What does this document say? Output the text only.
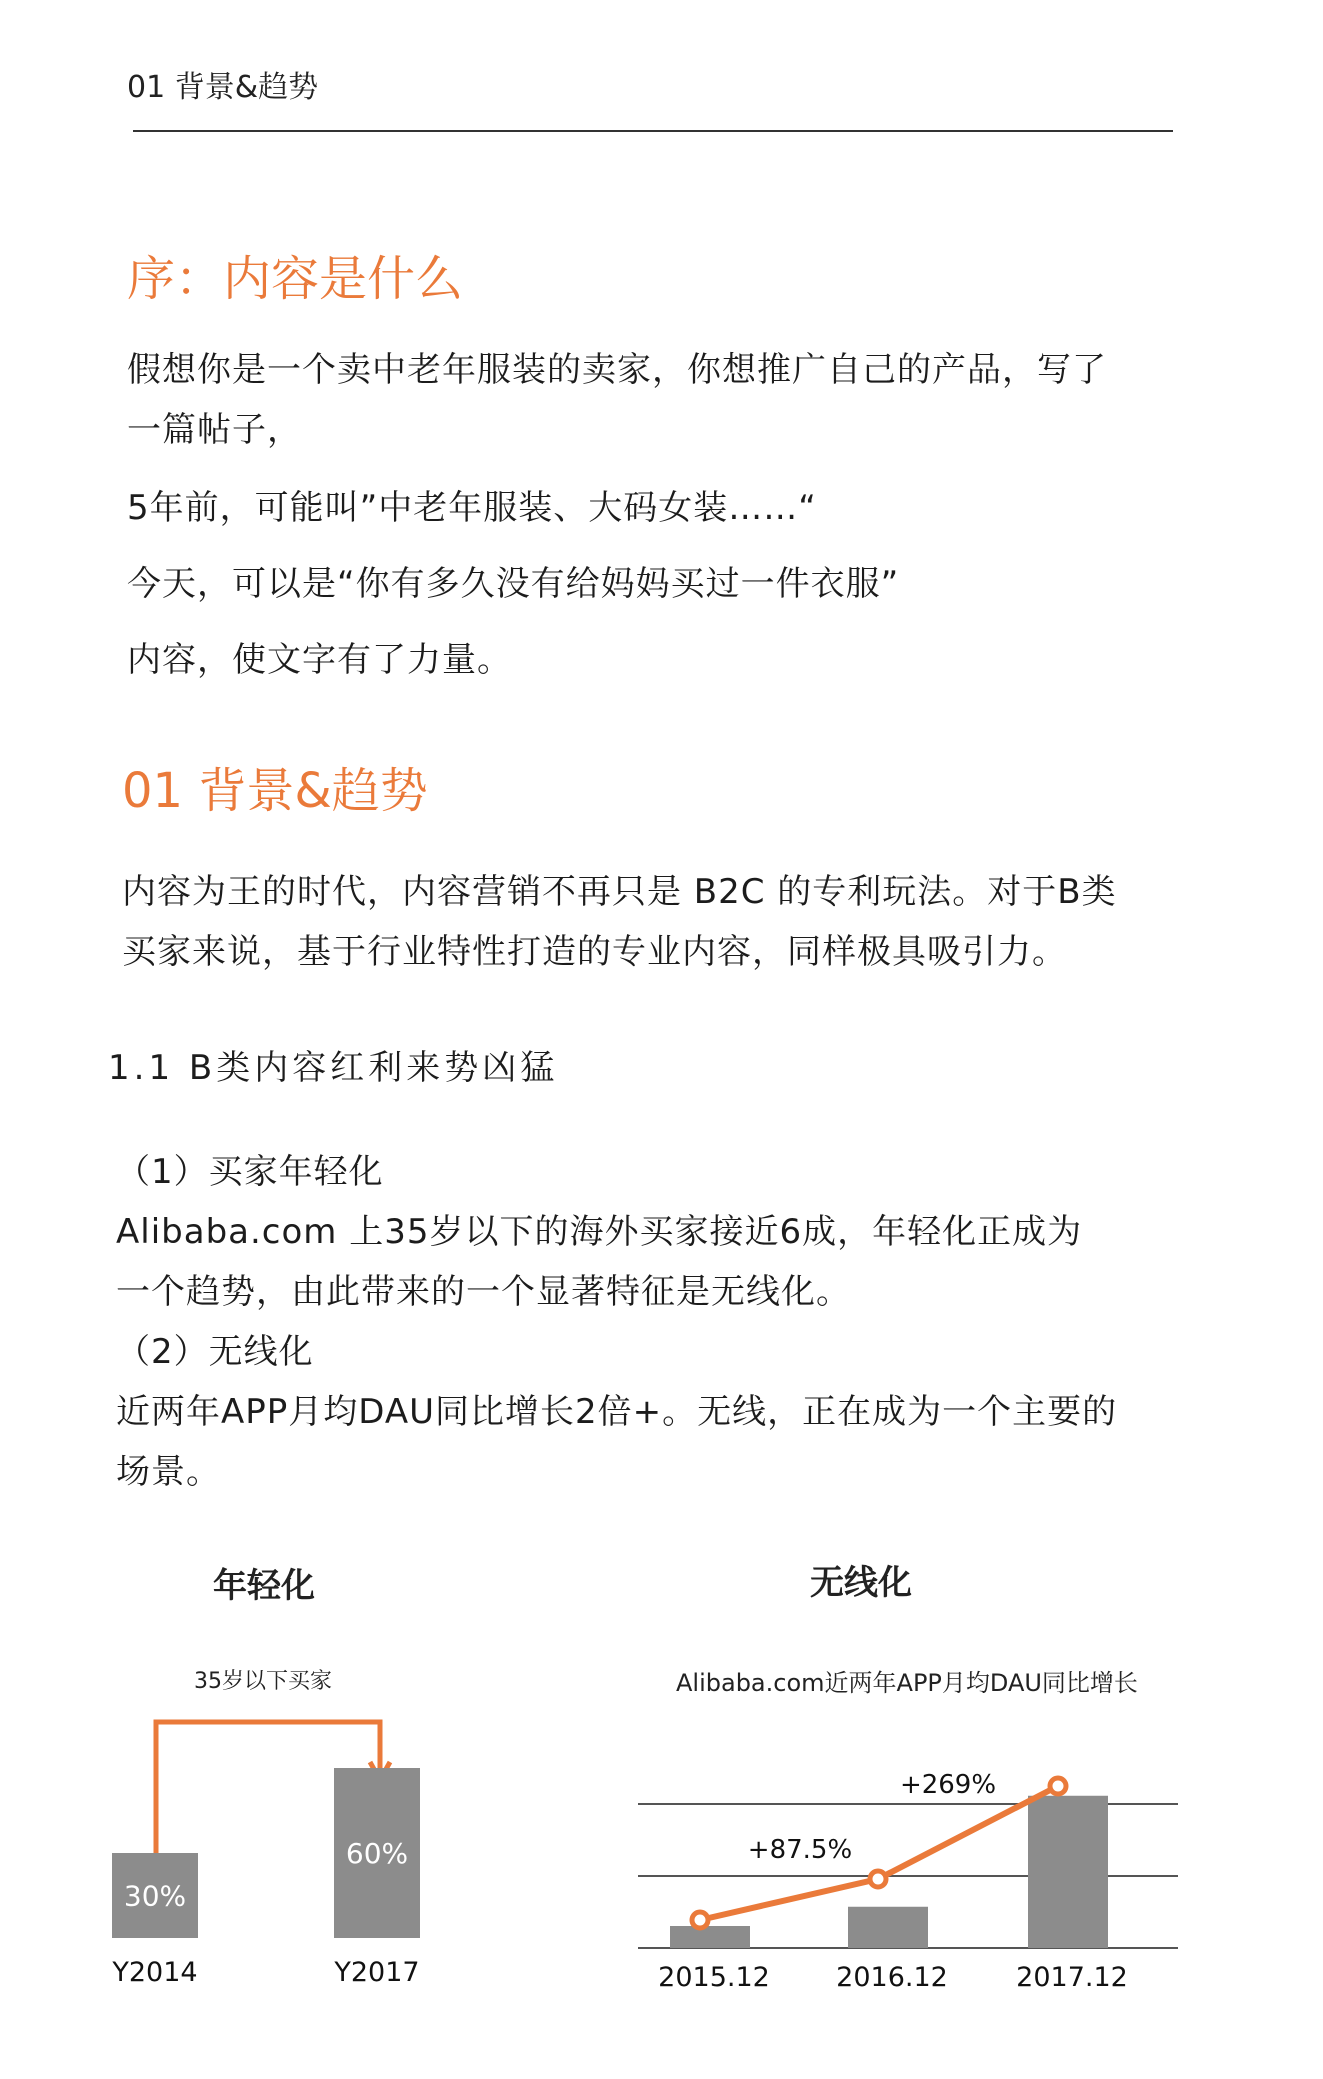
01 背景&趋势
序：内容是什么
假想你是一个卖中老年服装的卖家，你想推广自己的产品，写了
一篇帖子，
5年前，可能叫”中老年服装、大码女装……“
今天，可以是“你有多久没有给妈妈买过一件衣服”
内容，使文字有了力量。
01 背景&趋势
内容为王的时代，内容营销不再只是 B2C 的专利玩法。对于B类
买家来说，基于行业特性打造的专业内容，同样极具吸引力。
1.1 B类内容红利来势凶猛
（1）买家年轻化
Alibaba.com 上35岁以下的海外买家接近6成，年轻化正成为
一个趋势，由此带来的一个显著特征是无线化。
（2）无线化
近两年APP月均DAU同比增长2倍+。无线，正在成为一个主要的
场景。
年轻化
35岁以下买家
30%
Y2014
60%
Y2017
无线化
Alibaba.com近两年APP月均DAU同比增长
2015.12 2016.12	2017.12
+87.5%
+269%
